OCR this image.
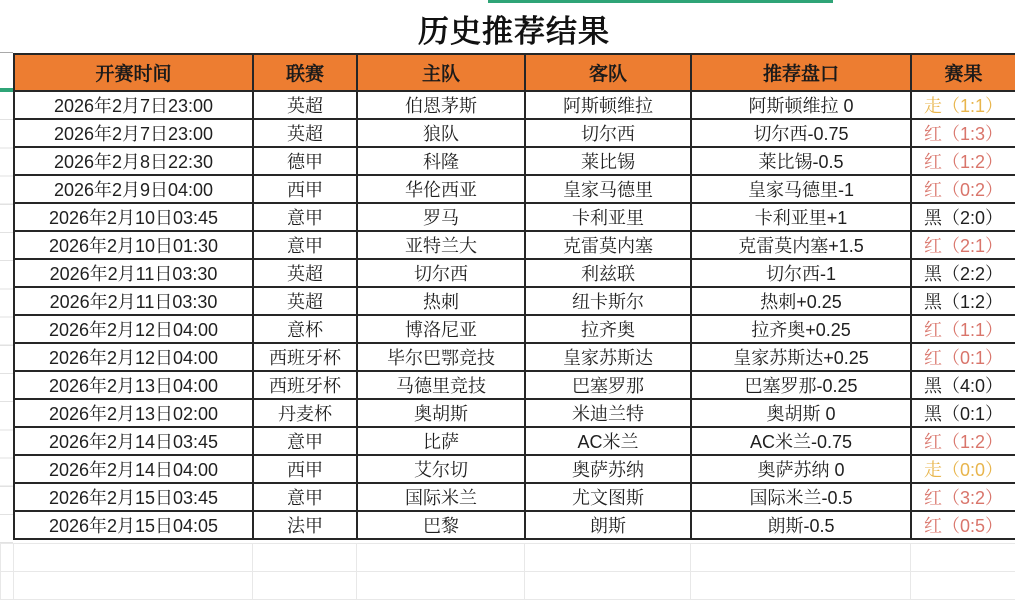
历史推荐结果
开赛时间	联赛	主队	客队	推荐盘口	赛果
2026年2月7日23:00	英超	伯恩茅斯	阿斯顿维拉	阿斯顿维拉 0	走（1:1）
2026年2月7日23:00	英超	狼队	切尔西	切尔西-0.75	红（1:3）
2026年2月8日22:30	德甲	科隆	莱比锡	莱比锡-0.5	红（1:2）
2026年2月9日04:00	西甲	华伦西亚	皇家马德里	皇家马德里-1	红（0:2）
2026年2月10日03:45	意甲	罗马	卡利亚里	卡利亚里+1	黑（2:0）
2026年2月10日01:30	意甲	亚特兰大	克雷莫内塞	克雷莫内塞+1.5	红（2:1）
2026年2月11日03:30	英超	切尔西	利兹联	切尔西-1	黑（2:2）
2026年2月11日03:30	英超	热刺	纽卡斯尔	热刺+0.25	黑（1:2）
2026年2月12日04:00	意杯	博洛尼亚	拉齐奥	拉齐奥+0.25	红（1:1）
2026年2月12日04:00	西班牙杯	毕尔巴鄂竞技	皇家苏斯达	皇家苏斯达+0.25	红（0:1）
2026年2月13日04:00	西班牙杯	马德里竞技	巴塞罗那	巴塞罗那-0.25	黑（4:0）
2026年2月13日02:00	丹麦杯	奥胡斯	米迪兰特	奥胡斯 0	黑（0:1）
2026年2月14日03:45	意甲	比萨	AC米兰	AC米兰-0.75	红（1:2）
2026年2月14日04:00	西甲	艾尔切	奥萨苏纳	奥萨苏纳 0	走（0:0）
2026年2月15日03:45	意甲	国际米兰	尤文图斯	国际米兰-0.5	红（3:2）
2026年2月15日04:05	法甲	巴黎	朗斯	朗斯-0.5	红（0:5）
